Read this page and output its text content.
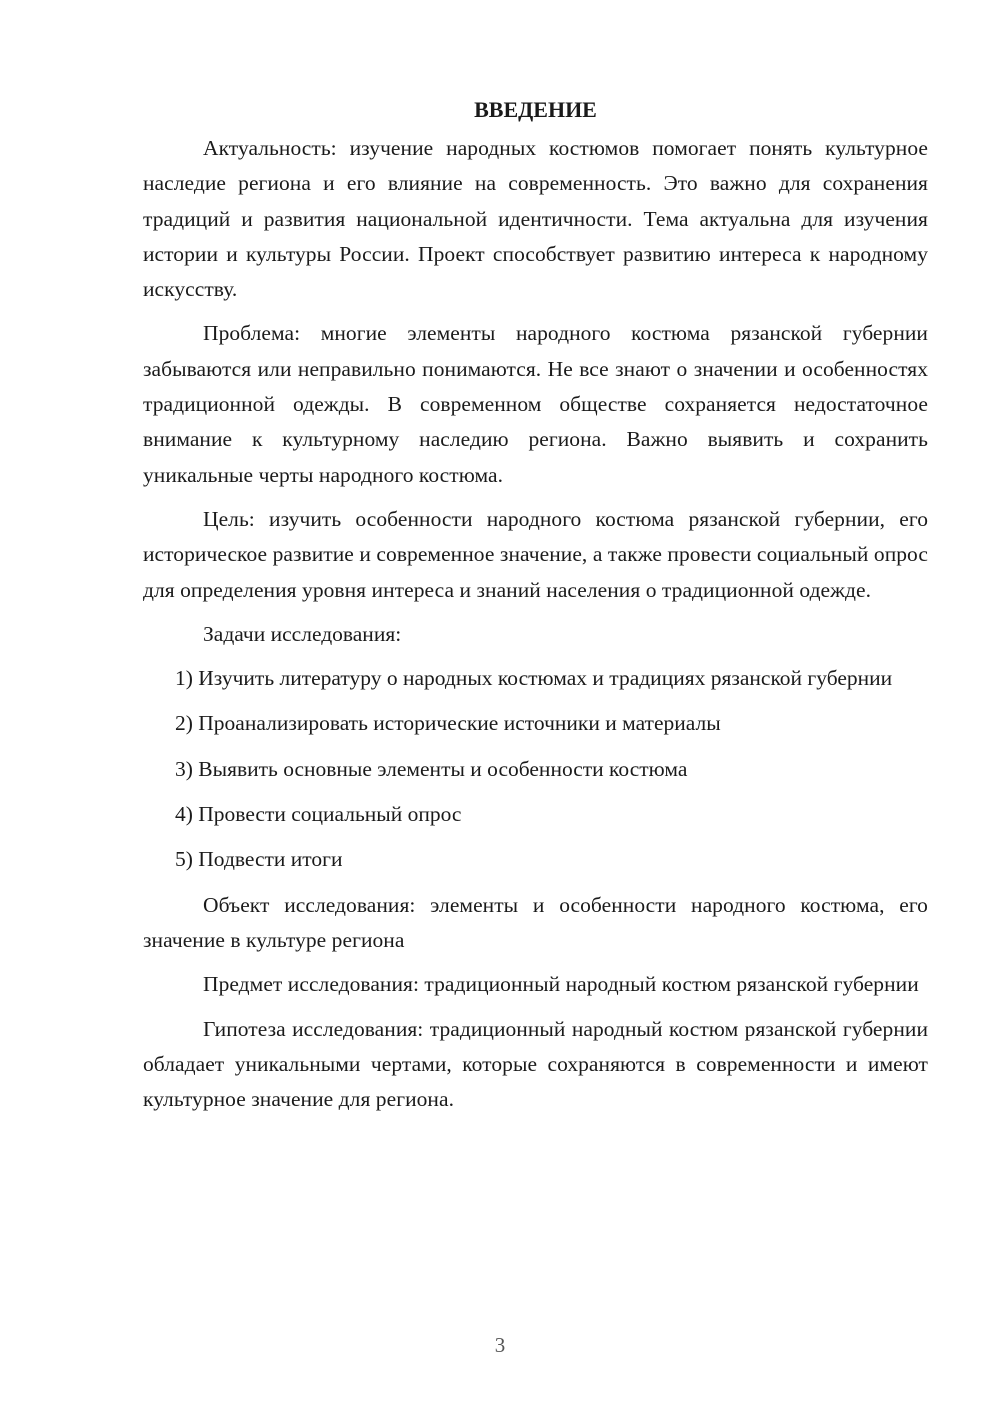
ВВЕДЕНИЕ

Актуальность: изучение народных костюмов помогает понять культурное наследие региона и его влияние на современность. Это важно для сохранения традиций и развития национальной идентичности. Тема актуальна для изучения истории и культуры России. Проект способствует развитию интереса к народному искусству.

Проблема: многие элементы народного костюма рязанской губернии забываются или неправильно понимаются. Не все знают о значении и особенностях традиционной одежды. В современном обществе сохраняется недостаточное внимание к культурному наследию региона. Важно выявить и сохранить уникальные черты народного костюма.

Цель: изучить особенности народного костюма рязанской губернии, его историческое развитие и современное значение, а также провести социальный опрос для определения уровня интереса и знаний населения о традиционной одежде.

Задачи исследования:

1) Изучить литературу о народных костюмах и традициях рязанской губернии

2) Проанализировать исторические источники и материалы

3) Выявить основные элементы и особенности костюма

4) Провести социальный опрос

5) Подвести итоги

Объект исследования: элементы и особенности народного костюма, его значение в культуре региона

Предмет исследования: традиционный народный костюм рязанской губернии

Гипотеза исследования: традиционный народный костюм рязанской губернии обладает уникальными чертами, которые сохраняются в современности и имеют культурное значение для региона.

3
